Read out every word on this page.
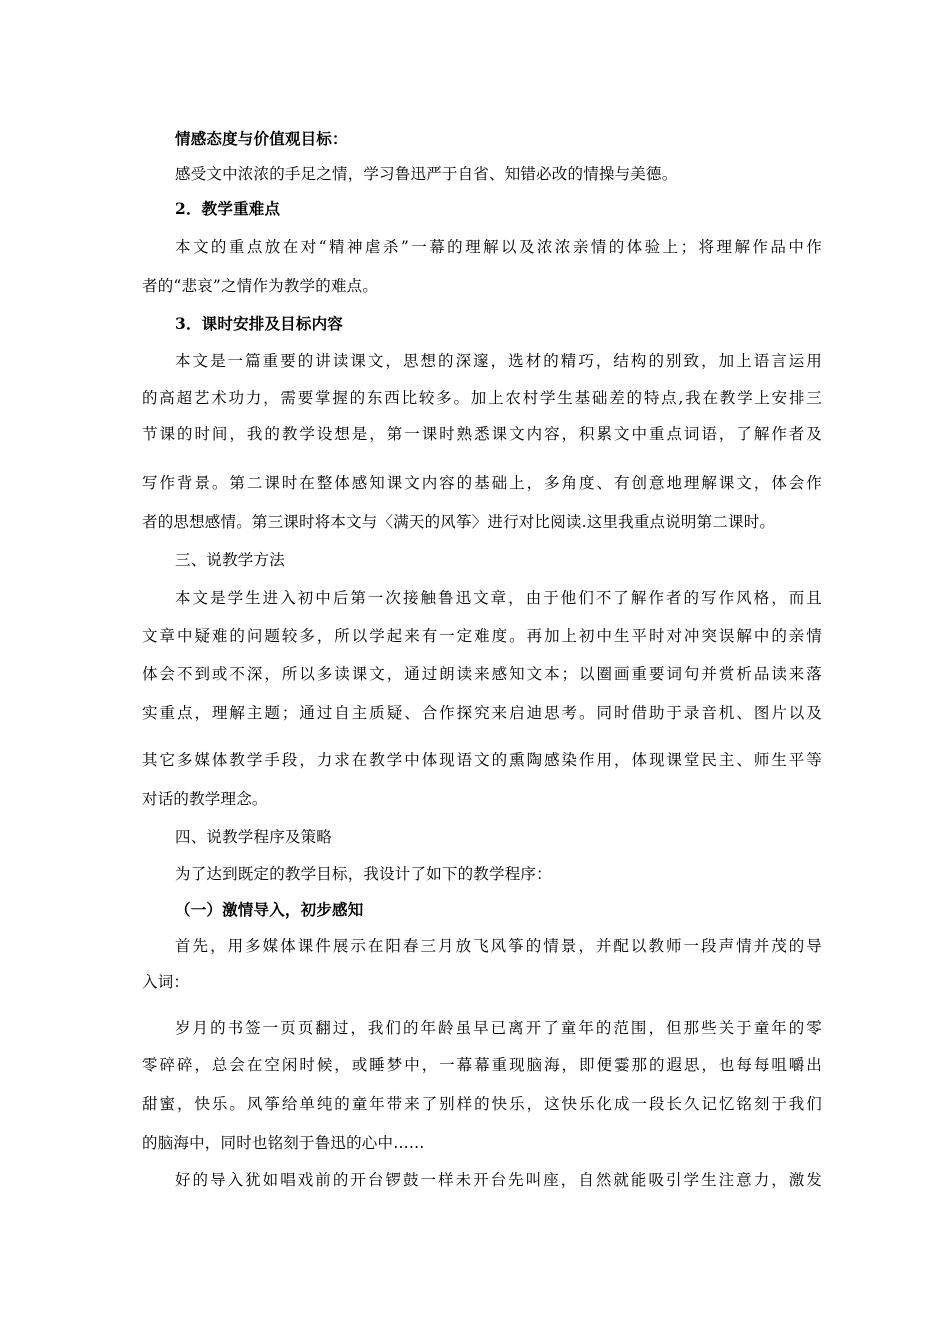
情感态度与价值观目标：
感受文中浓浓的手足之情，学习鲁迅严于自省、知错必改的情操与美德。
2．教学重难点
本文的重点放在对“精神虐杀”一幕的理解以及浓浓亲情的体验上；将理解作品中作
者的“悲哀”之情作为教学的难点。
3．课时安排及目标内容
本文是一篇重要的讲读课文，思想的深邃，选材的精巧，结构的别致，加上语言运用
的高超艺术功力，需要掌握的东西比较多。加上农村学生基础差的特点,我在教学上安排三
节课的时间，我的教学设想是，第一课时熟悉课文内容，积累文中重点词语，了解作者及
写作背景。第二课时在整体感知课文内容的基础上，多角度、有创意地理解课文，体会作
者的思想感情。第三课时将本文与〈满天的风筝〉进行对比阅读.这里我重点说明第二课时。
三、说教学方法
本文是学生进入初中后第一次接触鲁迅文章，由于他们不了解作者的写作风格，而且
文章中疑难的问题较多，所以学起来有一定难度。再加上初中生平时对冲突误解中的亲情
体会不到或不深，所以多读课文，通过朗读来感知文本；以圈画重要词句并赏析品读来落
实重点，理解主题；通过自主质疑、合作探究来启迪思考。同时借助于录音机、图片以及
其它多媒体教学手段，力求在教学中体现语文的熏陶感染作用，体现课堂民主、师生平等
对话的教学理念。
四、说教学程序及策略
为了达到既定的教学目标，我设计了如下的教学程序：
（一）激情导入，初步感知
首先，用多媒体课件展示在阳春三月放飞风筝的情景，并配以教师一段声情并茂的导
入词：
岁月的书签一页页翻过，我们的年龄虽早已离开了童年的范围，但那些关于童年的零
零碎碎，总会在空闲时候，或睡梦中，一幕幕重现脑海，即便霎那的遐思，也每每咀嚼出
甜蜜，快乐。风筝给单纯的童年带来了别样的快乐，这快乐化成一段长久记忆铭刻于我们
的脑海中，同时也铭刻于鲁迅的心中……
好的导入犹如唱戏前的开台锣鼓一样未开台先叫座，自然就能吸引学生注意力，激发
